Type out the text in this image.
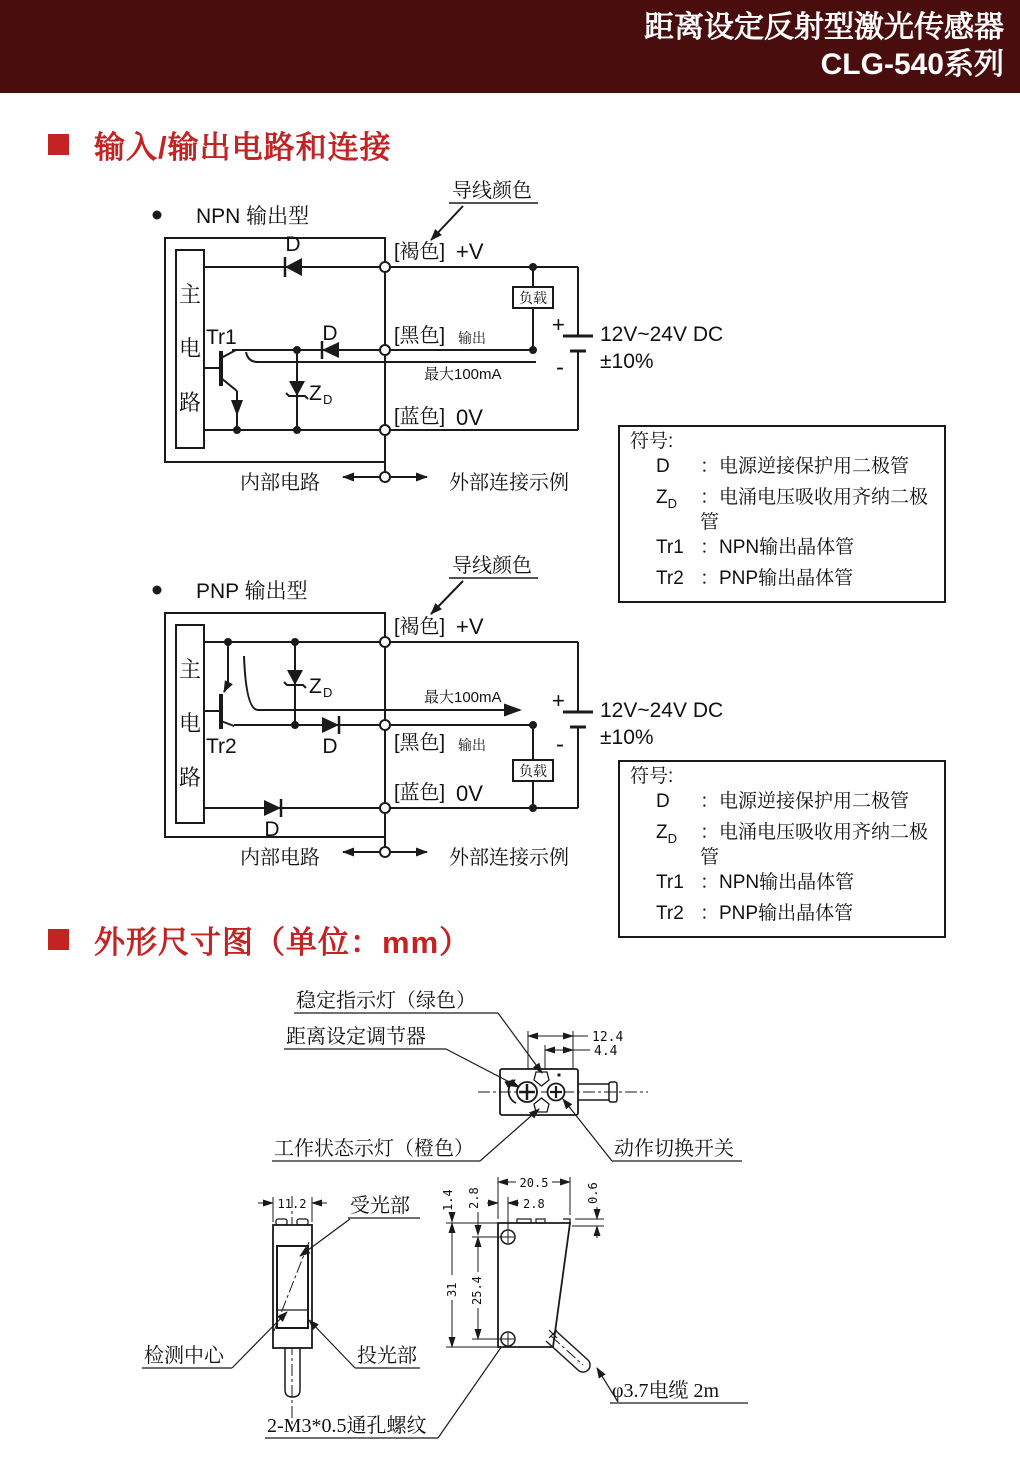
距离设定反射型激光传感器
CLG-540系列
输入/输出电路和连接
导线颜色
NPN 输出型
主
电
路
D
D
Z D
Tr1
负载
+
-
12V~24V DC
±10%
[褐色] +V
[黑色] 输出
最大100mA
[蓝色] 0V
内部电路	外部连接示例
符号:
D	：电源逆接保护用二极管
$Z_D$	：电涌电压吸收用齐纳二极管
Tr1 ：NPN输出晶体管
Tr2 ：PNP输出晶体管
导线颜色
PNP 输出型
主
电
路
最大100mA
Tr2
Z D
D
D
负载
+
-
12V~24V DC
±10%
[褐色] +V
[黑色] 输出
[蓝色] 0V
内部电路	外部连接示例
符号:
D	：电源逆接保护用二极管
$Z_D$	：电涌电压吸收用齐纳二极管
Tr1 ：NPN输出晶体管
Tr2 ：PNP输出晶体管
外形尺寸图（单位：mm）
12.4
4.4
稳定指示灯（绿色）
距离设定调节器
工作状态示灯（橙色）	动作切换开关
11.2 受光部
检测中心	投光部
2-M3*0.5通孔螺纹
20.5
2.8
1.4 2.8	0.6
31 25.4
φ3.7电缆 2m
